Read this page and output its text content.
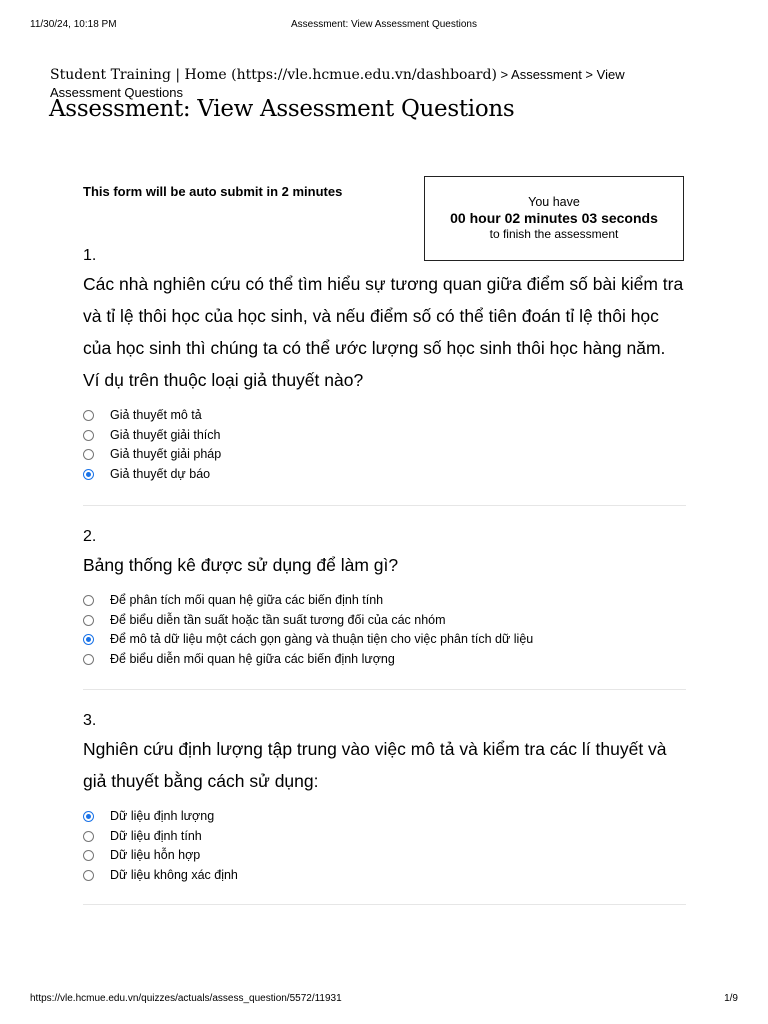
11/30/24, 10:18 PM	Assessment: View Assessment Questions
Student Training | Home (https://vle.hcmue.edu.vn/dashboard) > Assessment > View Assessment Questions
Assessment: View Assessment Questions
This form will be auto submit in 2 minutes
You have
00 hour 02 minutes 03 seconds
to finish the assessment
1.
Các nhà nghiên cứu có thể tìm hiểu sự tương quan giữa điểm số bài kiểm tra và tỉ lệ thôi học của học sinh, và nếu điểm số có thể tiên đoán tỉ lệ thôi học của học sinh thì chúng ta có thể ước lượng số học sinh thôi học hàng năm. Ví dụ trên thuộc loại giả thuyết nào?
Giả thuyết mô tả
Giả thuyết giải thích
Giả thuyết giải pháp
Giả thuyết dự báo
2.
Bảng thống kê được sử dụng để làm gì?
Để phân tích mối quan hệ giữa các biến định tính
Để biểu diễn tần suất hoặc tần suất tương đối của các nhóm
Để mô tả dữ liệu một cách gọn gàng và thuận tiện cho việc phân tích dữ liệu
Để biểu diễn mối quan hệ giữa các biến định lượng
3.
Nghiên cứu định lượng tập trung vào việc mô tả và kiểm tra các lí thuyết và giả thuyết bằng cách sử dụng:
Dữ liệu định lượng
Dữ liệu định tính
Dữ liệu hỗn hợp
Dữ liệu không xác định
https://vle.hcmue.edu.vn/quizzes/actuals/assess_question/5572/11931	1/9
